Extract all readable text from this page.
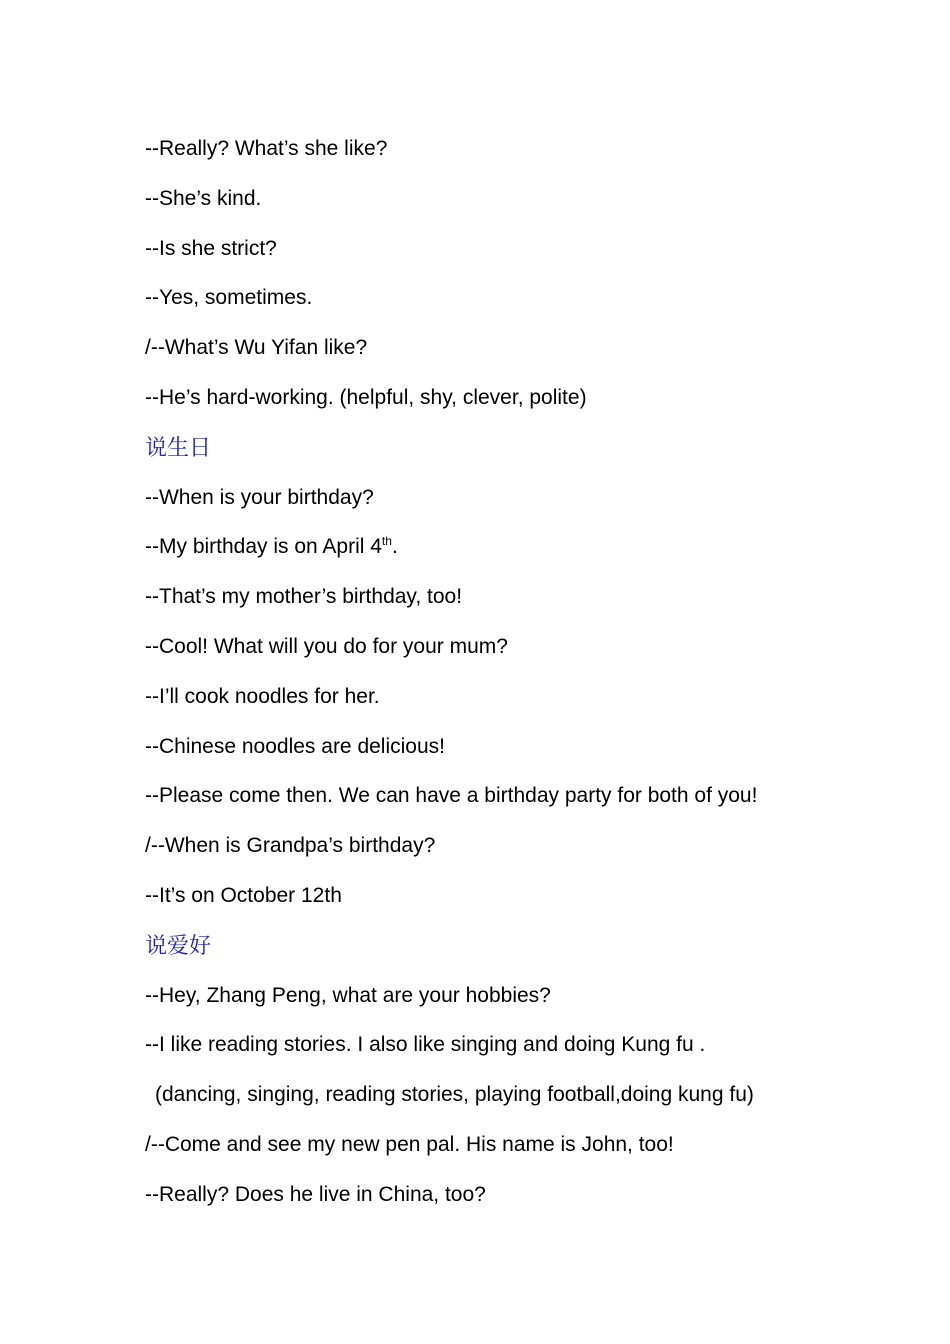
--Really? What’s she like?
--She’s kind.
--Is she strict?
--Yes, sometimes.
/--What’s Wu Yifan like?
--He’s hard-working. (helpful, shy, clever, polite)
说生日
--When is your birthday?
--My birthday is on April 4th.
--That’s my mother’s birthday, too!
--Cool! What will you do for your mum?
--I’ll cook noodles for her.
--Chinese noodles are delicious!
--Please come then. We can have a birthday party for both of you!
/--When is Grandpa’s birthday?
--It’s on October 12th
说爱好
--Hey, Zhang Peng, what are your hobbies?
--I like reading stories. I also like singing and doing Kung fu .
(dancing, singing, reading stories, playing football,doing kung fu)
/--Come and see my new pen pal. His name is John, too!
--Really? Does he live in China, too?
